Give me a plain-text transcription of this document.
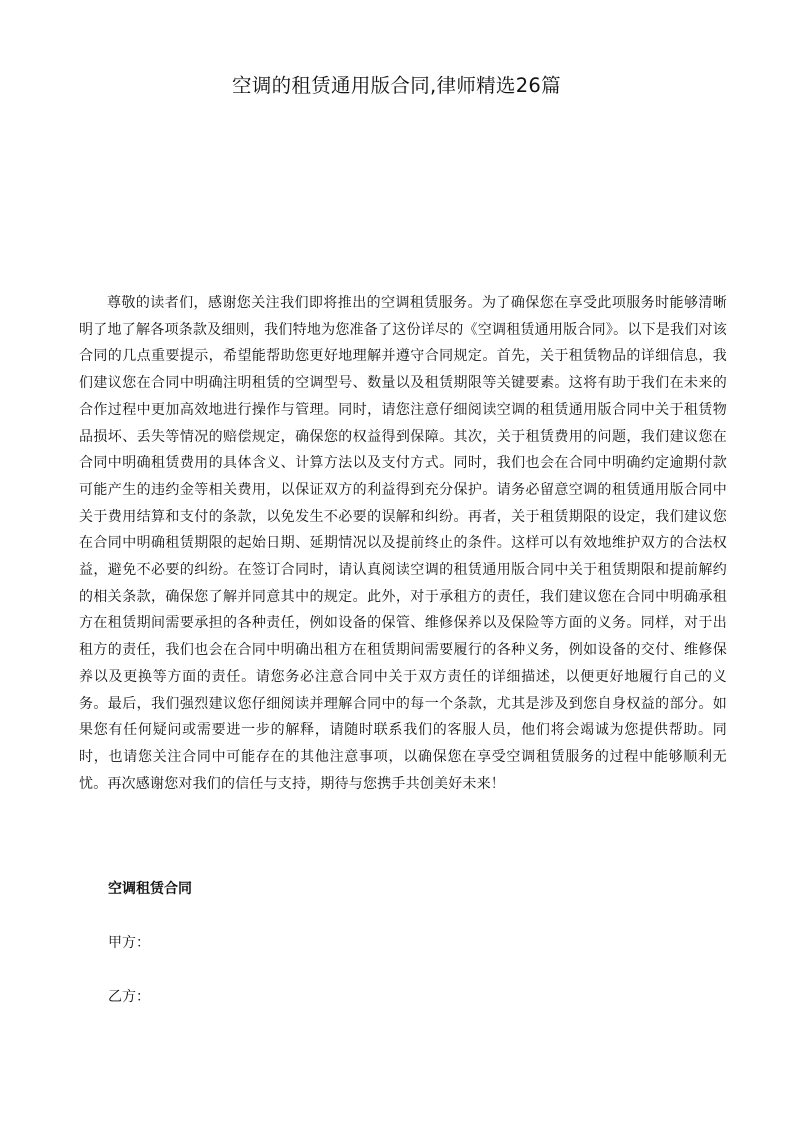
空调的租赁通用版合同,律师精选26篇

尊敬的读者们，感谢您关注我们即将推出的空调租赁服务。为了确保您在享受此项服务时能够清晰明了地了解各项条款及细则，我们特地为您准备了这份详尽的《空调租赁通用版合同》。以下是我们对该合同的几点重要提示，希望能帮助您更好地理解并遵守合同规定。首先，关于租赁物品的详细信息，我们建议您在合同中明确注明租赁的空调型号、数量以及租赁期限等关键要素。这将有助于我们在未来的合作过程中更加高效地进行操作与管理。同时，请您注意仔细阅读空调的租赁通用版合同中关于租赁物品损坏、丢失等情况的赔偿规定，确保您的权益得到保障。其次，关于租赁费用的问题，我们建议您在合同中明确租赁费用的具体含义、计算方法以及支付方式。同时，我们也会在合同中明确约定逾期付款可能产生的违约金等相关费用，以保证双方的利益得到充分保护。请务必留意空调的租赁通用版合同中关于费用结算和支付的条款，以免发生不必要的误解和纠纷。再者，关于租赁期限的设定，我们建议您在合同中明确租赁期限的起始日期、延期情况以及提前终止的条件。这样可以有效地维护双方的合法权益，避免不必要的纠纷。在签订合同时，请认真阅读空调的租赁通用版合同中关于租赁期限和提前解约的相关条款，确保您了解并同意其中的规定。此外，对于承租方的责任，我们建议您在合同中明确承租方在租赁期间需要承担的各种责任，例如设备的保管、维修保养以及保险等方面的义务。同样，对于出租方的责任，我们也会在合同中明确出租方在租赁期间需要履行的各种义务，例如设备的交付、维修保养以及更换等方面的责任。请您务必注意合同中关于双方责任的详细描述，以便更好地履行自己的义务。最后，我们强烈建议您仔细阅读并理解合同中的每一个条款，尤其是涉及到您自身权益的部分。如果您有任何疑问或需要进一步的解释，请随时联系我们的客服人员，他们将会竭诚为您提供帮助。同时，也请您关注合同中可能存在的其他注意事项，以确保您在享受空调租赁服务的过程中能够顺利无忧。再次感谢您对我们的信任与支持，期待与您携手共创美好未来！

空调租赁合同

甲方：

乙方：
